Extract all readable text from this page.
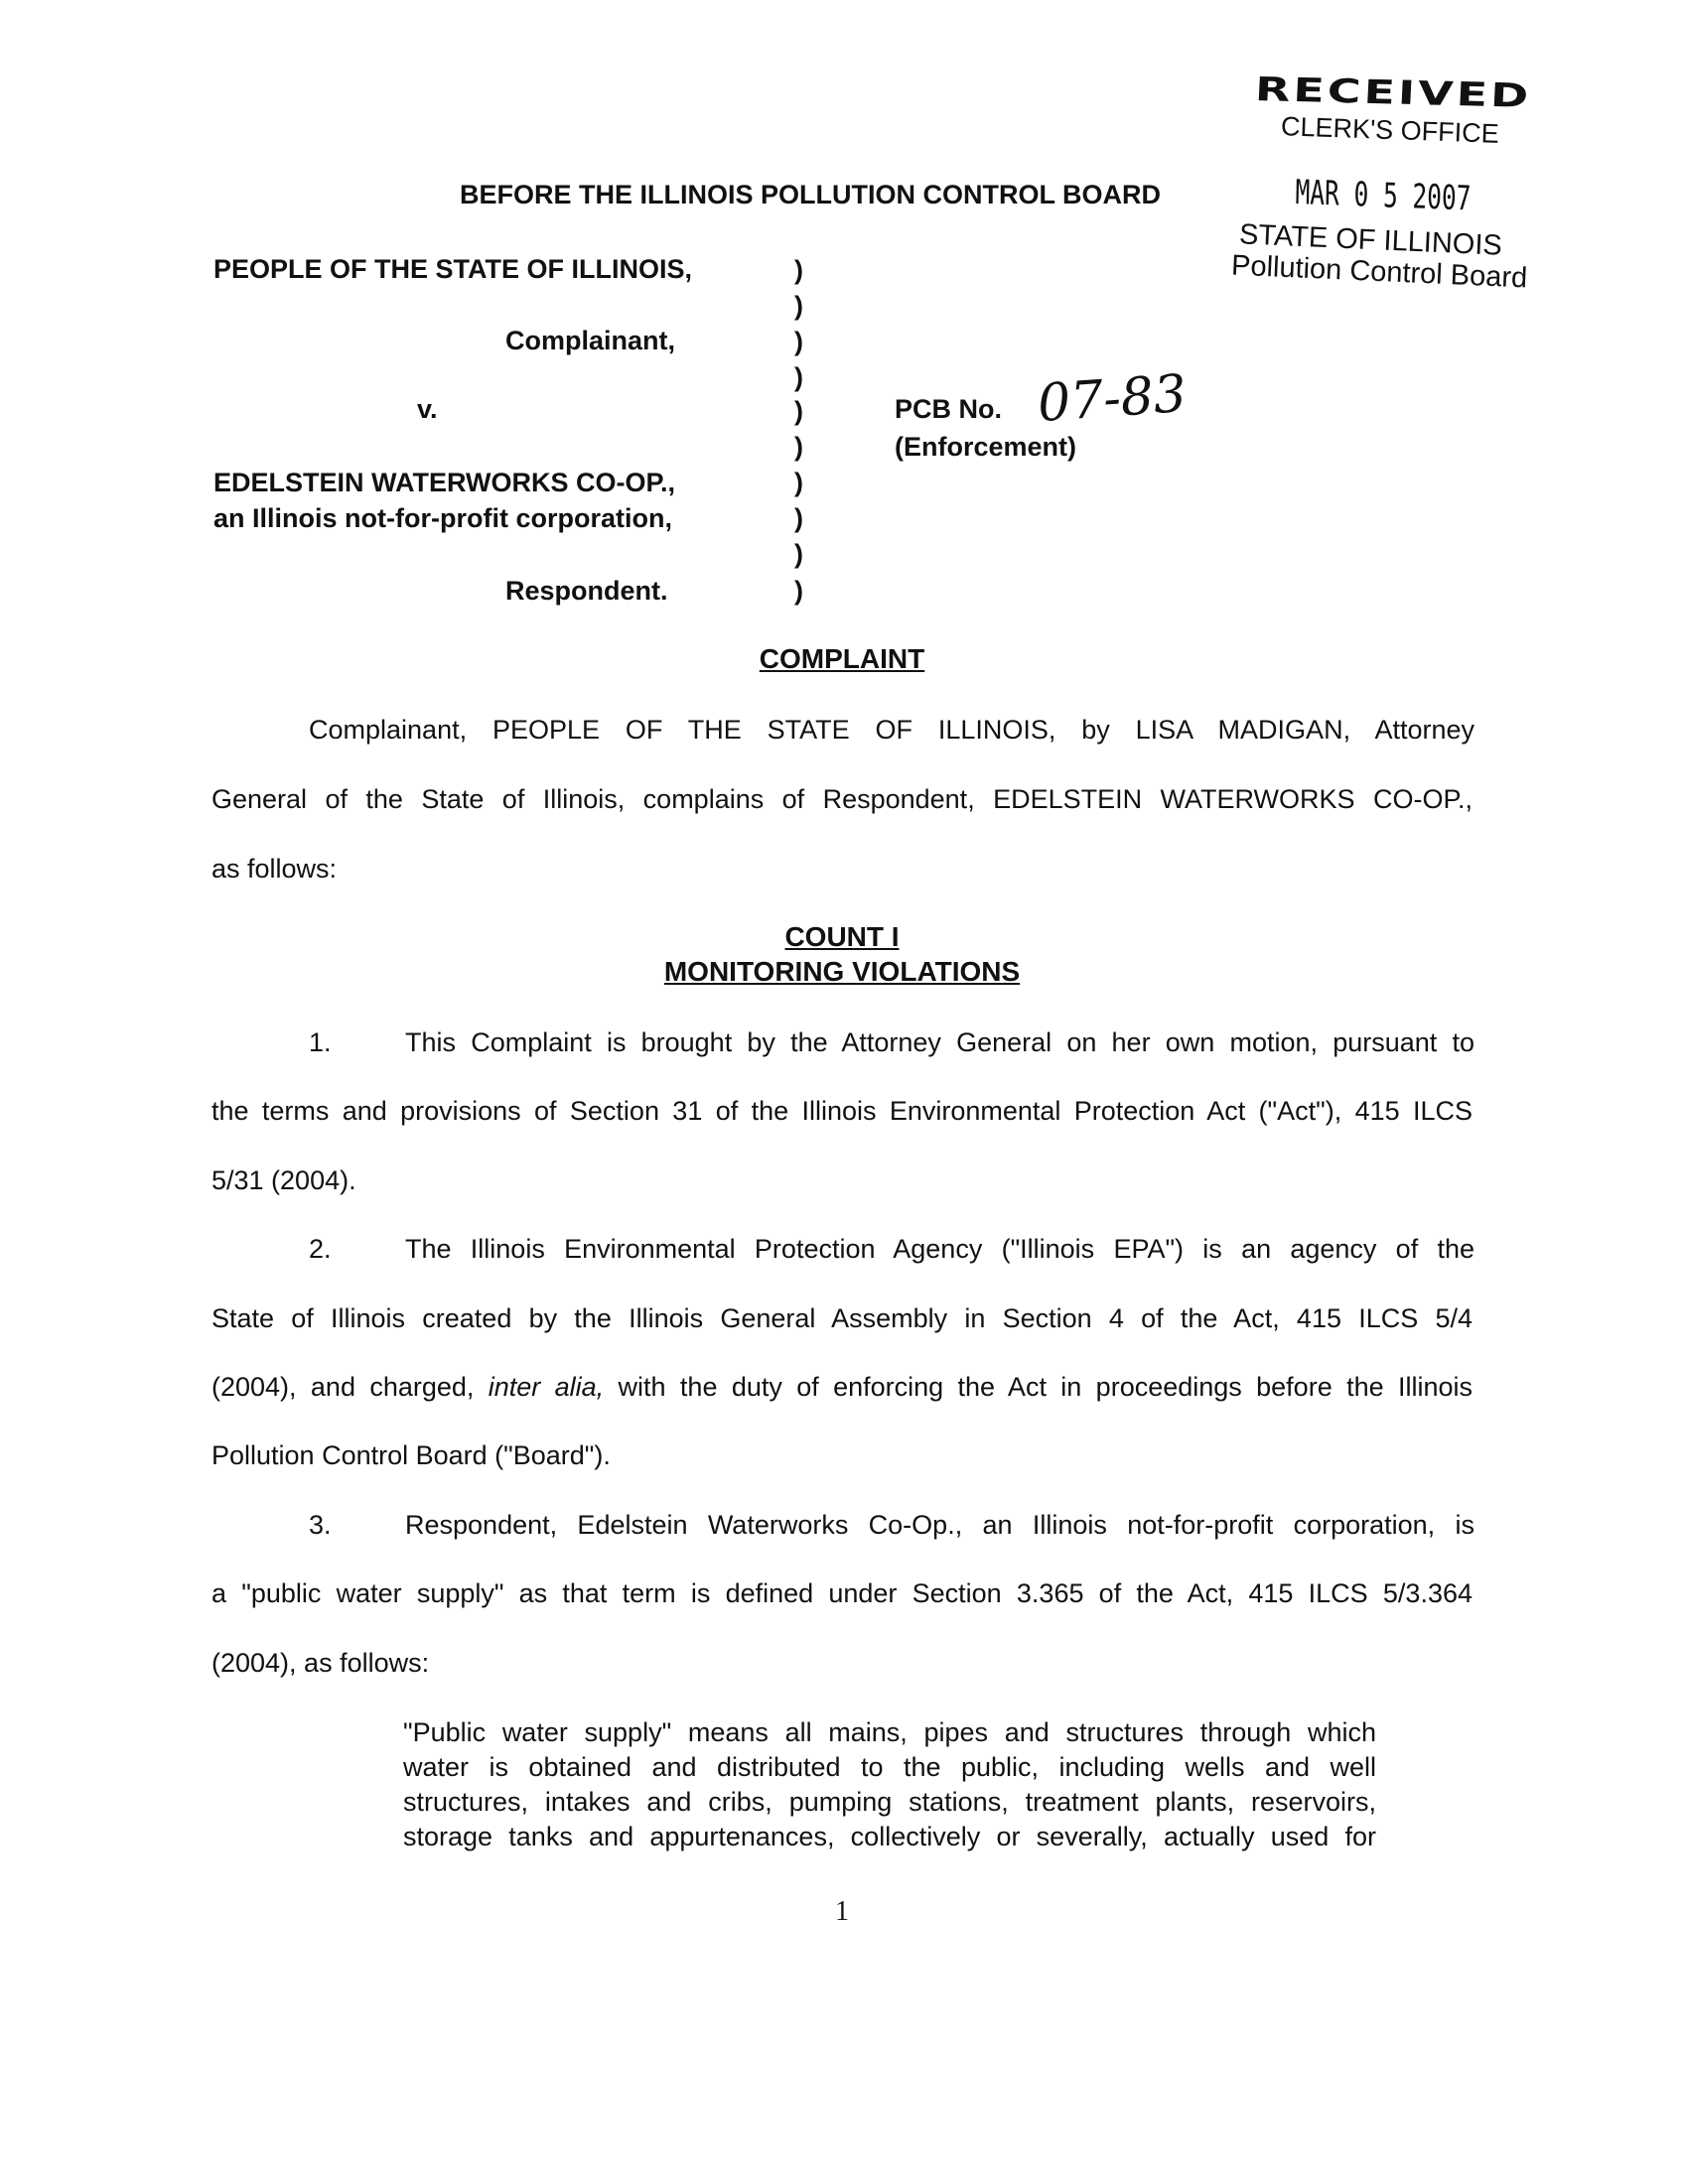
RECEIVED
CLERK'S OFFICE
MAR 0 5 2007
STATE OF ILLINOIS
Pollution Control Board
BEFORE THE ILLINOIS POLLUTION CONTROL BOARD
PEOPLE OF THE STATE OF ILLINOIS,
Complainant,
v.
EDELSTEIN WATERWORKS CO-OP.,
an Illinois not-for-profit corporation,
Respondent.
)
)
)
)
)
)
)
)
)
)
PCB No. 07-83
(Enforcement)
COMPLAINT
Complainant, PEOPLE OF THE STATE OF ILLINOIS, by LISA MADIGAN, Attorney
General of the State of Illinois, complains of Respondent, EDELSTEIN WATERWORKS CO-OP.,
as follows:
COUNT I
MONITORING VIOLATIONS
1.	This Complaint is brought by the Attorney General on her own motion, pursuant to
the terms and provisions of Section 31 of the Illinois Environmental Protection Act ("Act"), 415 ILCS
5/31 (2004).
2.	The Illinois Environmental Protection Agency ("Illinois EPA") is an agency of the
State of Illinois created by the Illinois General Assembly in Section 4 of the Act, 415 ILCS 5/4
(2004), and charged, inter alia, with the duty of enforcing the Act in proceedings before the Illinois
Pollution Control Board ("Board").
3.	Respondent, Edelstein Waterworks Co-Op., an Illinois not-for-profit corporation, is
a "public water supply" as that term is defined under Section 3.365 of the Act, 415 ILCS 5/3.364
(2004), as follows:
"Public water supply" means all mains, pipes and structures through which
water is obtained and distributed to the public, including wells and well
structures, intakes and cribs, pumping stations, treatment plants, reservoirs,
storage tanks and appurtenances, collectively or severally, actually used for
1
